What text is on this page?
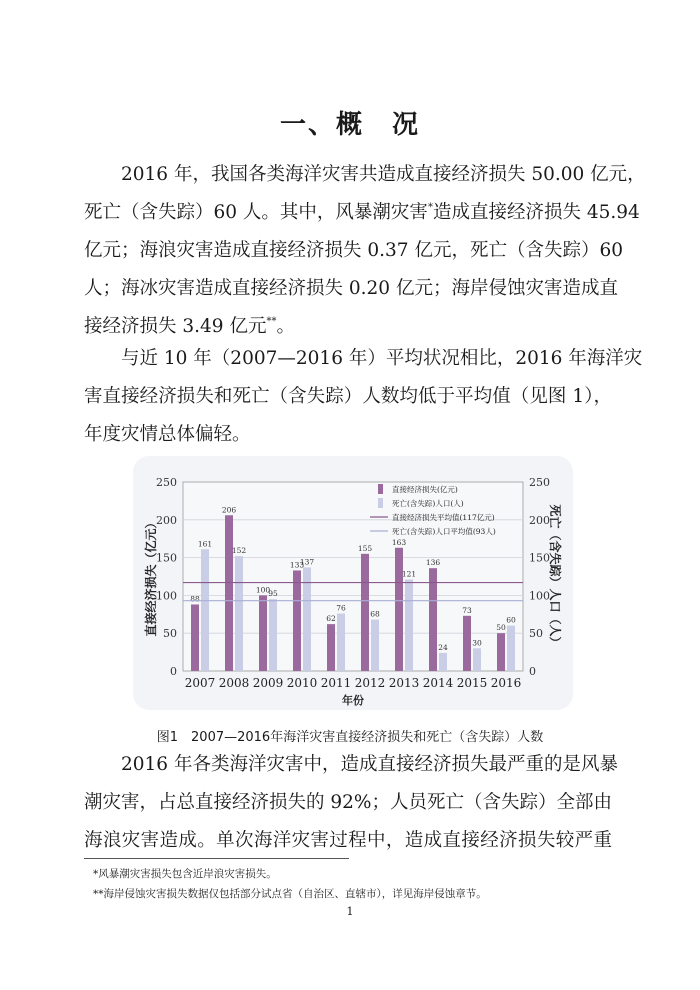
一、概　况
2016 年，我国各类海洋灾害共造成直接经济损失 50.00 亿元，
死亡（含失踪）60 人。其中，风暴潮灾害*造成直接经济损失 45.94
亿元；海浪灾害造成直接经济损失 0.37 亿元，死亡（含失踪）60
人；海冰灾害造成直接经济损失 0.20 亿元；海岸侵蚀灾害造成直
接经济损失 3.49 亿元**。
与近 10 年（2007—2016 年）平均状况相比，2016 年海洋灾
害直接经济损失和死亡（含失踪）人数均低于平均值（见图 1），
年度灾情总体偏轻。
0	0
50	50
100	100
150	150
200	200
250	250
88
161
2007
206
152
2008
100
95
2009
133
137
2010
62
76
2011
155
68
2012
163
121
2013
136
24
2014
73
30
2015
50
60
2016
直接经济损失（亿元）	死亡（含失踪）人口（人）
年份
直接经济损失(亿元)
死亡(含失踪)人口(人)
直接经济损失平均值(117亿元)
死亡(含失踪)人口平均值(93人)
图1　2007—2016年海洋灾害直接经济损失和死亡（含失踪）人数
2016 年各类海洋灾害中，造成直接经济损失最严重的是风暴
潮灾害，占总直接经济损失的 92%；人员死亡（含失踪）全部由
海浪灾害造成。单次海洋灾害过程中，造成直接经济损失较严重
*风暴潮灾害损失包含近岸浪灾害损失。
**海岸侵蚀灾害损失数据仅包括部分试点省（自治区、直辖市），详见海岸侵蚀章节。
1
